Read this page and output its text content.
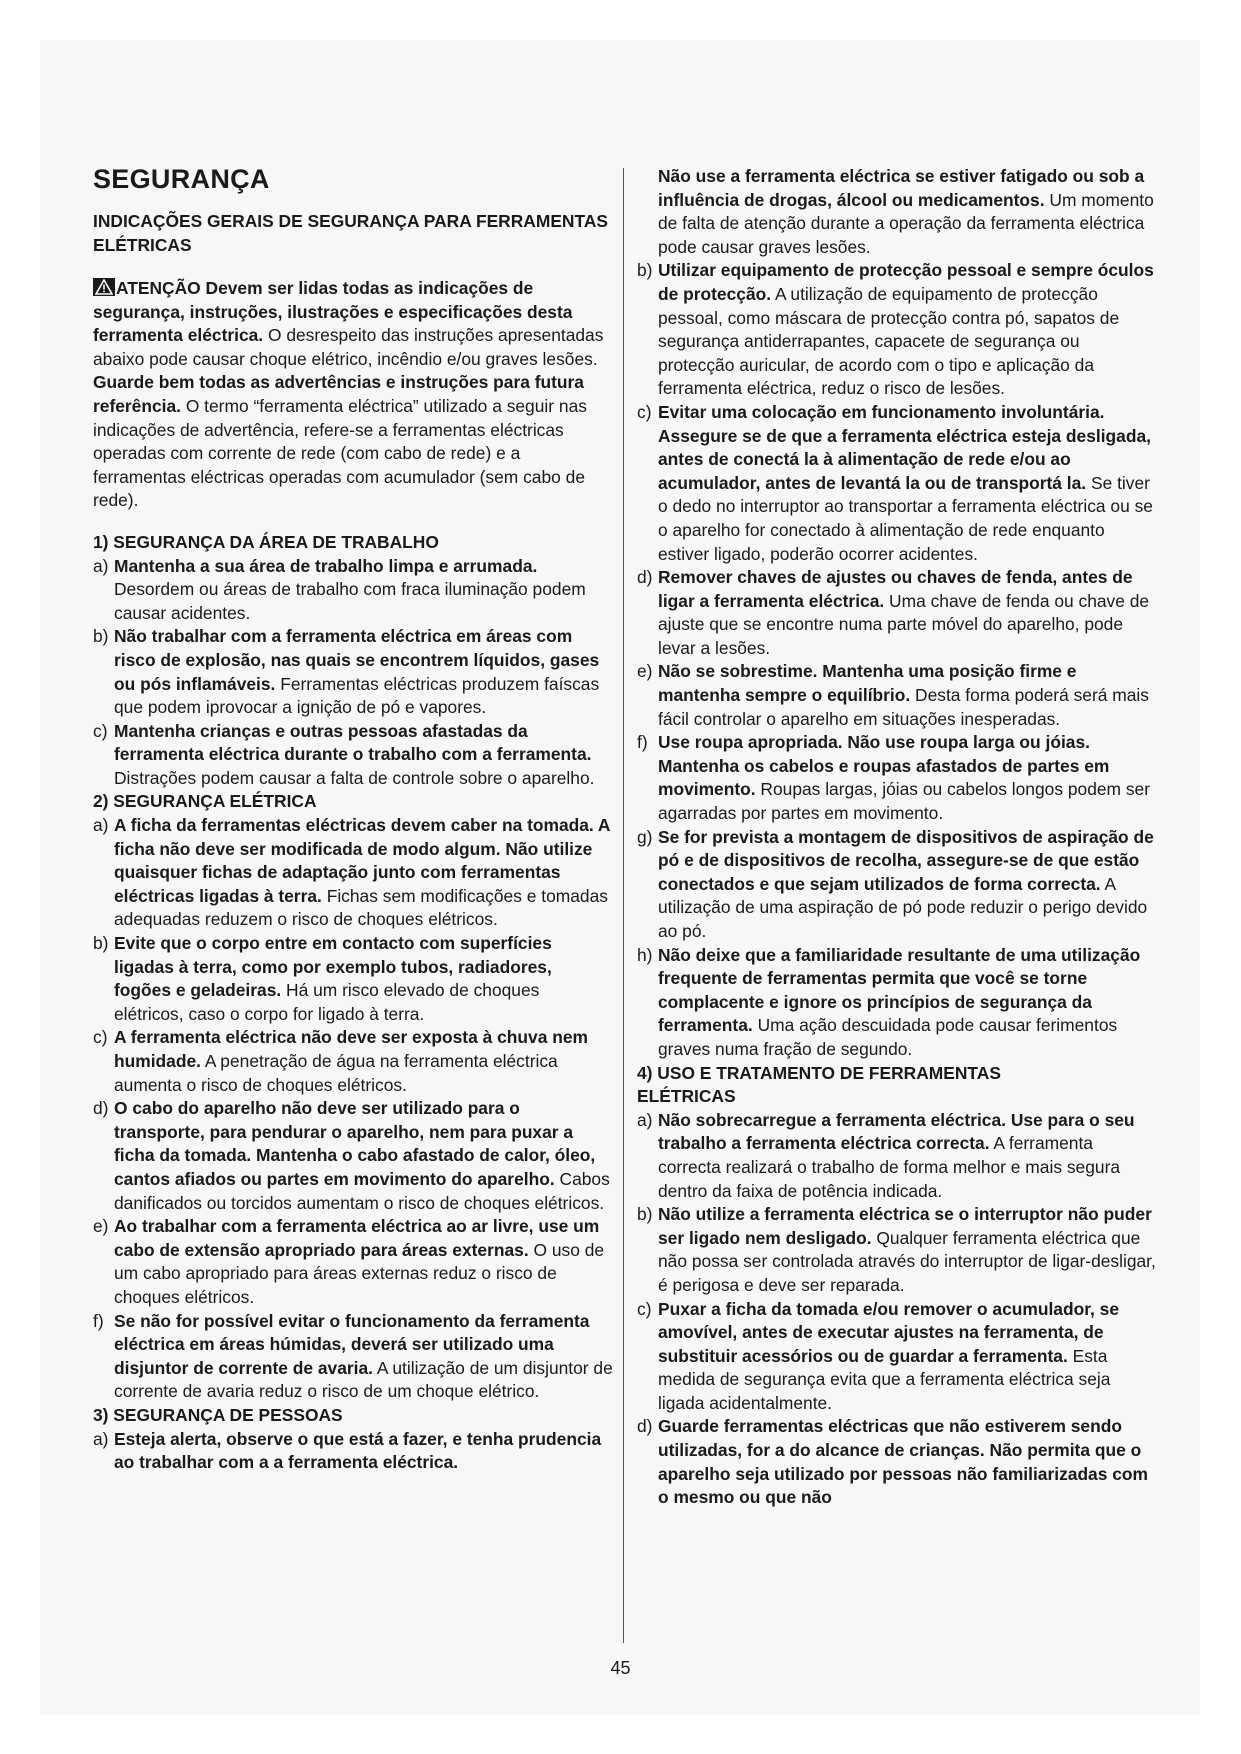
SEGURANÇA
INDICAÇÕES GERAIS DE SEGURANÇA PARA FERRAMENTAS ELÉTRICAS

ATENÇÃO Devem ser lidas todas as indicações de segurança, instruções, ilustrações e especificações desta ferramenta eléctrica. O desrespeito das instruções apresentadas abaixo pode causar choque elétrico, incêndio e/ou graves lesões. Guarde bem todas as advertências e instruções para futura referência. O termo “ferramenta eléctrica” utilizado a seguir nas indicações de advertência, refere-se a ferramentas eléctricas operadas com corrente de rede (com cabo de rede) e a ferramentas eléctricas operadas com acumulador (sem cabo de rede).

1) SEGURANÇA DA ÁREA DE TRABALHO
a) Mantenha a sua área de trabalho limpa e arrumada. Desordem ou áreas de trabalho com fraca iluminação podem causar acidentes.
b) Não trabalhar com a ferramenta eléctrica em áreas com risco de explosão, nas quais se encontrem líquidos, gases ou pós inflamáveis. Ferramentas eléctricas produzem faíscas que podem iprovocar a ignição de pó e vapores.
c) Mantenha crianças e outras pessoas afastadas da ferramenta eléctrica durante o trabalho com a ferramenta. Distrações podem causar a falta de controle sobre o aparelho.
2) SEGURANÇA ELÉTRICA
a) A ficha da ferramentas eléctricas devem caber na tomada. A ficha não deve ser modificada de modo algum. Não utilize quaisquer fichas de adaptação junto com ferramentas eléctricas ligadas à terra. Fichas sem modificações e tomadas adequadas reduzem o risco de choques elétricos.
b) Evite que o corpo entre em contacto com superfícies ligadas à terra, como por exemplo tubos, radiadores, fogões e geladeiras. Há um risco elevado de choques elétricos, caso o corpo for ligado à terra.
c) A ferramenta eléctrica não deve ser exposta à chuva nem humidade. A penetração de água na ferramenta eléctrica aumenta o risco de choques elétricos.
d) O cabo do aparelho não deve ser utilizado para o transporte, para pendurar o aparelho, nem para puxar a ficha da tomada. Mantenha o cabo afastado de calor, óleo, cantos afiados ou partes em movimento do aparelho. Cabos danificados ou torcidos aumentam o risco de choques elétricos.
e) Ao trabalhar com a ferramenta eléctrica ao ar livre, use um cabo de extensão apropriado para áreas externas. O uso de um cabo apropriado para áreas externas reduz o risco de choques elétricos.
f) Se não for possível evitar o funcionamento da ferramenta eléctrica em áreas húmidas, deverá ser utilizado uma disjuntor de corrente de avaria. A utilização de um disjuntor de corrente de avaria reduz o risco de um choque elétrico.
3) SEGURANÇA DE PESSOAS
a) Esteja alerta, observe o que está a fazer, e tenha prudencia ao trabalhar com a a ferramenta eléctrica.
Não use a ferramenta eléctrica se estiver fatigado ou sob a influência de drogas, álcool ou medicamentos. Um momento de falta de atenção durante a operação da ferramenta eléctrica pode causar graves lesões.
b) Utilizar equipamento de protecção pessoal e sempre óculos de protecção. A utilização de equipamento de protecção pessoal, como máscara de protecção contra pó, sapatos de segurança antiderrapantes, capacete de segurança ou protecção auricular, de acordo com o tipo e aplicação da ferramenta eléctrica, reduz o risco de lesões.
c) Evitar uma colocação em funcionamento involuntária. Assegure se de que a ferramenta eléctrica esteja desligada, antes de conectá la à alimentação de rede e/ou ao acumulador, antes de levantá la ou de transportá la. Se tiver o dedo no interruptor ao transportar a ferramenta eléctrica ou se o aparelho for conectado à alimentação de rede enquanto estiver ligado, poderão ocorrer acidentes.
d) Remover chaves de ajustes ou chaves de fenda, antes de ligar a ferramenta eléctrica. Uma chave de fenda ou chave de ajuste que se encontre numa parte móvel do aparelho, pode levar a lesões.
e) Não se sobrestime. Mantenha uma posição firme e mantenha sempre o equilíbrio. Desta forma poderá será mais fácil controlar o aparelho em situações inesperadas.
f) Use roupa apropriada. Não use roupa larga ou jóias. Mantenha os cabelos e roupas afastados de partes em movimento. Roupas largas, jóias ou cabelos longos podem ser agarradas por partes em movimento.
g) Se for prevista a montagem de dispositivos de aspiração de pó e de dispositivos de recolha, assegure-se de que estão conectados e que sejam utilizados de forma correcta. A utilização de uma aspiração de pó pode reduzir o perigo devido ao pó.
h) Não deixe que a familiaridade resultante de uma utilização frequente de ferramentas permita que você se torne complacente e ignore os princípios de segurança da ferramenta. Uma ação descuidada pode causar ferimentos graves numa fração de segundo.
4) USO E TRATAMENTO DE FERRAMENTAS ELÉTRICAS
a) Não sobrecarregue a ferramenta eléctrica. Use para o seu trabalho a ferramenta eléctrica correcta. A ferramenta correcta realizará o trabalho de forma melhor e mais segura dentro da faixa de potência indicada.
b) Não utilize a ferramenta eléctrica se o interruptor não puder ser ligado nem desligado. Qualquer ferramenta eléctrica que não possa ser controlada através do interruptor de ligar-desligar, é perigosa e deve ser reparada.
c) Puxar a ficha da tomada e/ou remover o acumulador, se amovível, antes de executar ajustes na ferramenta, de substituir acessórios ou de guardar a ferramenta. Esta medida de segurança evita que a ferramenta eléctrica seja ligada acidentalmente.
d) Guarde ferramentas eléctricas que não estiverem sendo utilizadas, for a do alcance de crianças. Não permita que o aparelho seja utilizado por pessoas não familiarizadas com o mesmo ou que não
45
